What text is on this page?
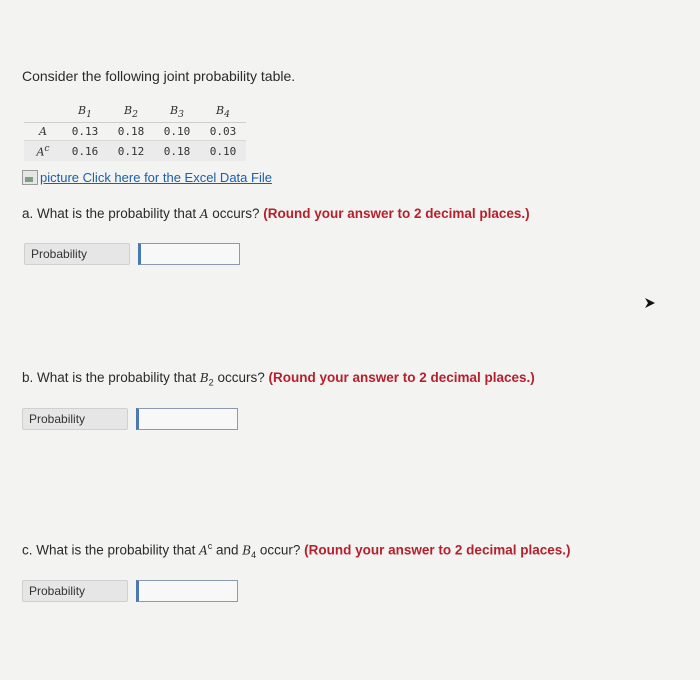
Consider the following joint probability table.
	$B_1$	$B_2$	$B_3$	$B_4$
A	0.13	0.18	0.10	0.03
$A^c$	0.16	0.12	0.18	0.10
picture
Click here for the Excel Data File
a. What is the probability that A occurs? (Round your answer to 2 decimal places.)
Probability
b. What is the probability that $B_2$ occurs? (Round your answer to 2 decimal places.)
Probability
c. What is the probability that $A^c$ and $B_4$ occur? (Round your answer to 2 decimal places.)
Probability
